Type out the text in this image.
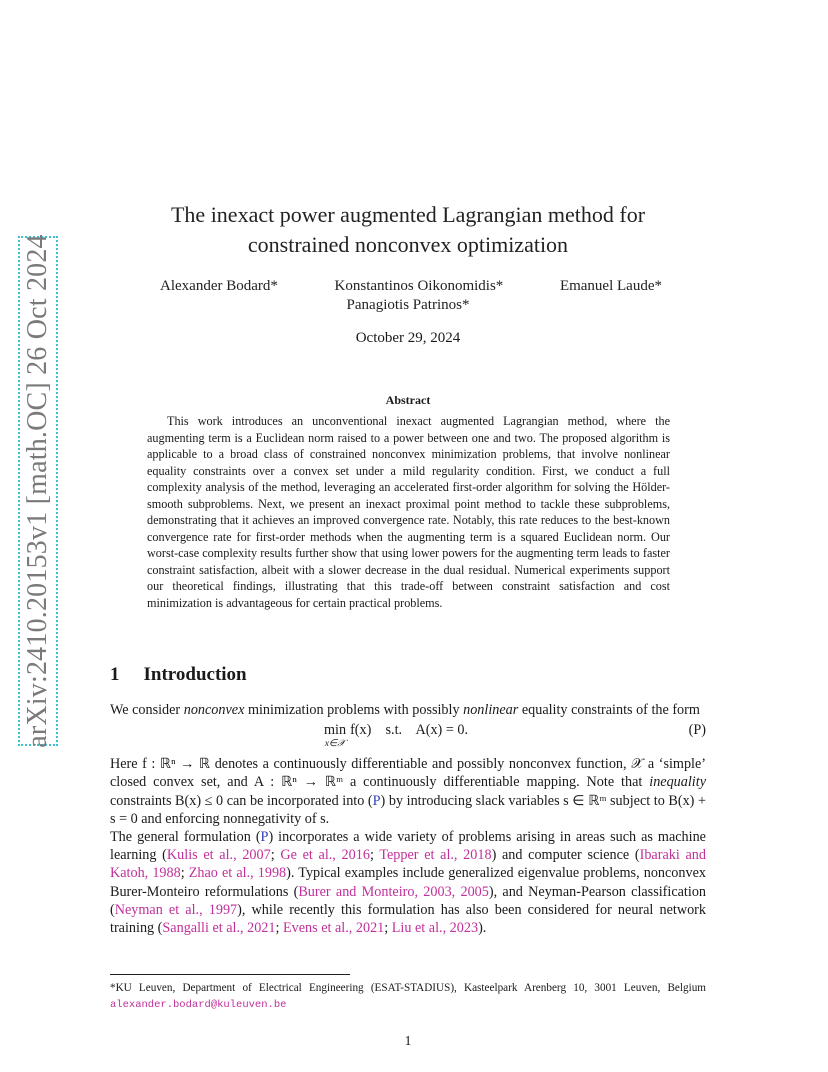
arXiv:2410.20153v1 [math.OC] 26 Oct 2024
The inexact power augmented Lagrangian method for
constrained nonconvex optimization
Alexander Bodard*	Konstantinos Oikonomidis*	Emanuel Laude*
Panagiotis Patrinos*
October 29, 2024
Abstract
This work introduces an unconventional inexact augmented Lagrangian method, where the augmenting term is a Euclidean norm raised to a power between one and two. The proposed algorithm is applicable to a broad class of constrained nonconvex minimization problems, that involve nonlinear equality constraints over a convex set under a mild regularity condition. First, we conduct a full complexity analysis of the method, leveraging an accelerated first-order algorithm for solving the Hölder-smooth subproblems. Next, we present an inexact proximal point method to tackle these subproblems, demonstrating that it achieves an improved convergence rate. Notably, this rate reduces to the best-known convergence rate for first-order methods when the augmenting term is a squared Euclidean norm. Our worst-case complexity results further show that using lower powers for the augmenting term leads to faster constraint satisfaction, albeit with a slower decrease in the dual residual. Numerical experiments support our theoretical findings, illustrating that this trade-off between constraint satisfaction and cost minimization is advantageous for certain practical problems.
1 Introduction

We consider nonconvex minimization problems with possibly nonlinear equality constraints of the form

min
x∈𝒳
f(x)    s.t.    A(x) = 0.	(P)

Here f : ℝⁿ → ℝ denotes a continuously differentiable and possibly nonconvex function, 𝒳 a ‘simple’ closed convex set, and A : ℝⁿ → ℝᵐ a continuously differentiable mapping. Note that inequality constraints B(x) ≤ 0 can be incorporated into (P) by introducing slack variables s ∈ ℝᵐ subject to B(x) + s = 0 and enforcing nonnegativity of s.

The general formulation (P) incorporates a wide variety of problems arising in areas such as machine learning (Kulis et al., 2007; Ge et al., 2016; Tepper et al., 2018) and computer science (Ibaraki and Katoh, 1988; Zhao et al., 1998). Typical examples include generalized eigenvalue problems, nonconvex Burer-Monteiro reformulations (Burer and Monteiro, 2003, 2005), and Neyman-Pearson classification (Neyman et al., 1997), while recently this formulation has also been considered for neural network training (Sangalli et al., 2021; Evens et al., 2021; Liu et al., 2023).

*KU Leuven, Department of Electrical Engineering (ESAT-STADIUS), Kasteelpark Arenberg 10, 3001 Leuven, Belgium alexander.bodard@kuleuven.be
1
